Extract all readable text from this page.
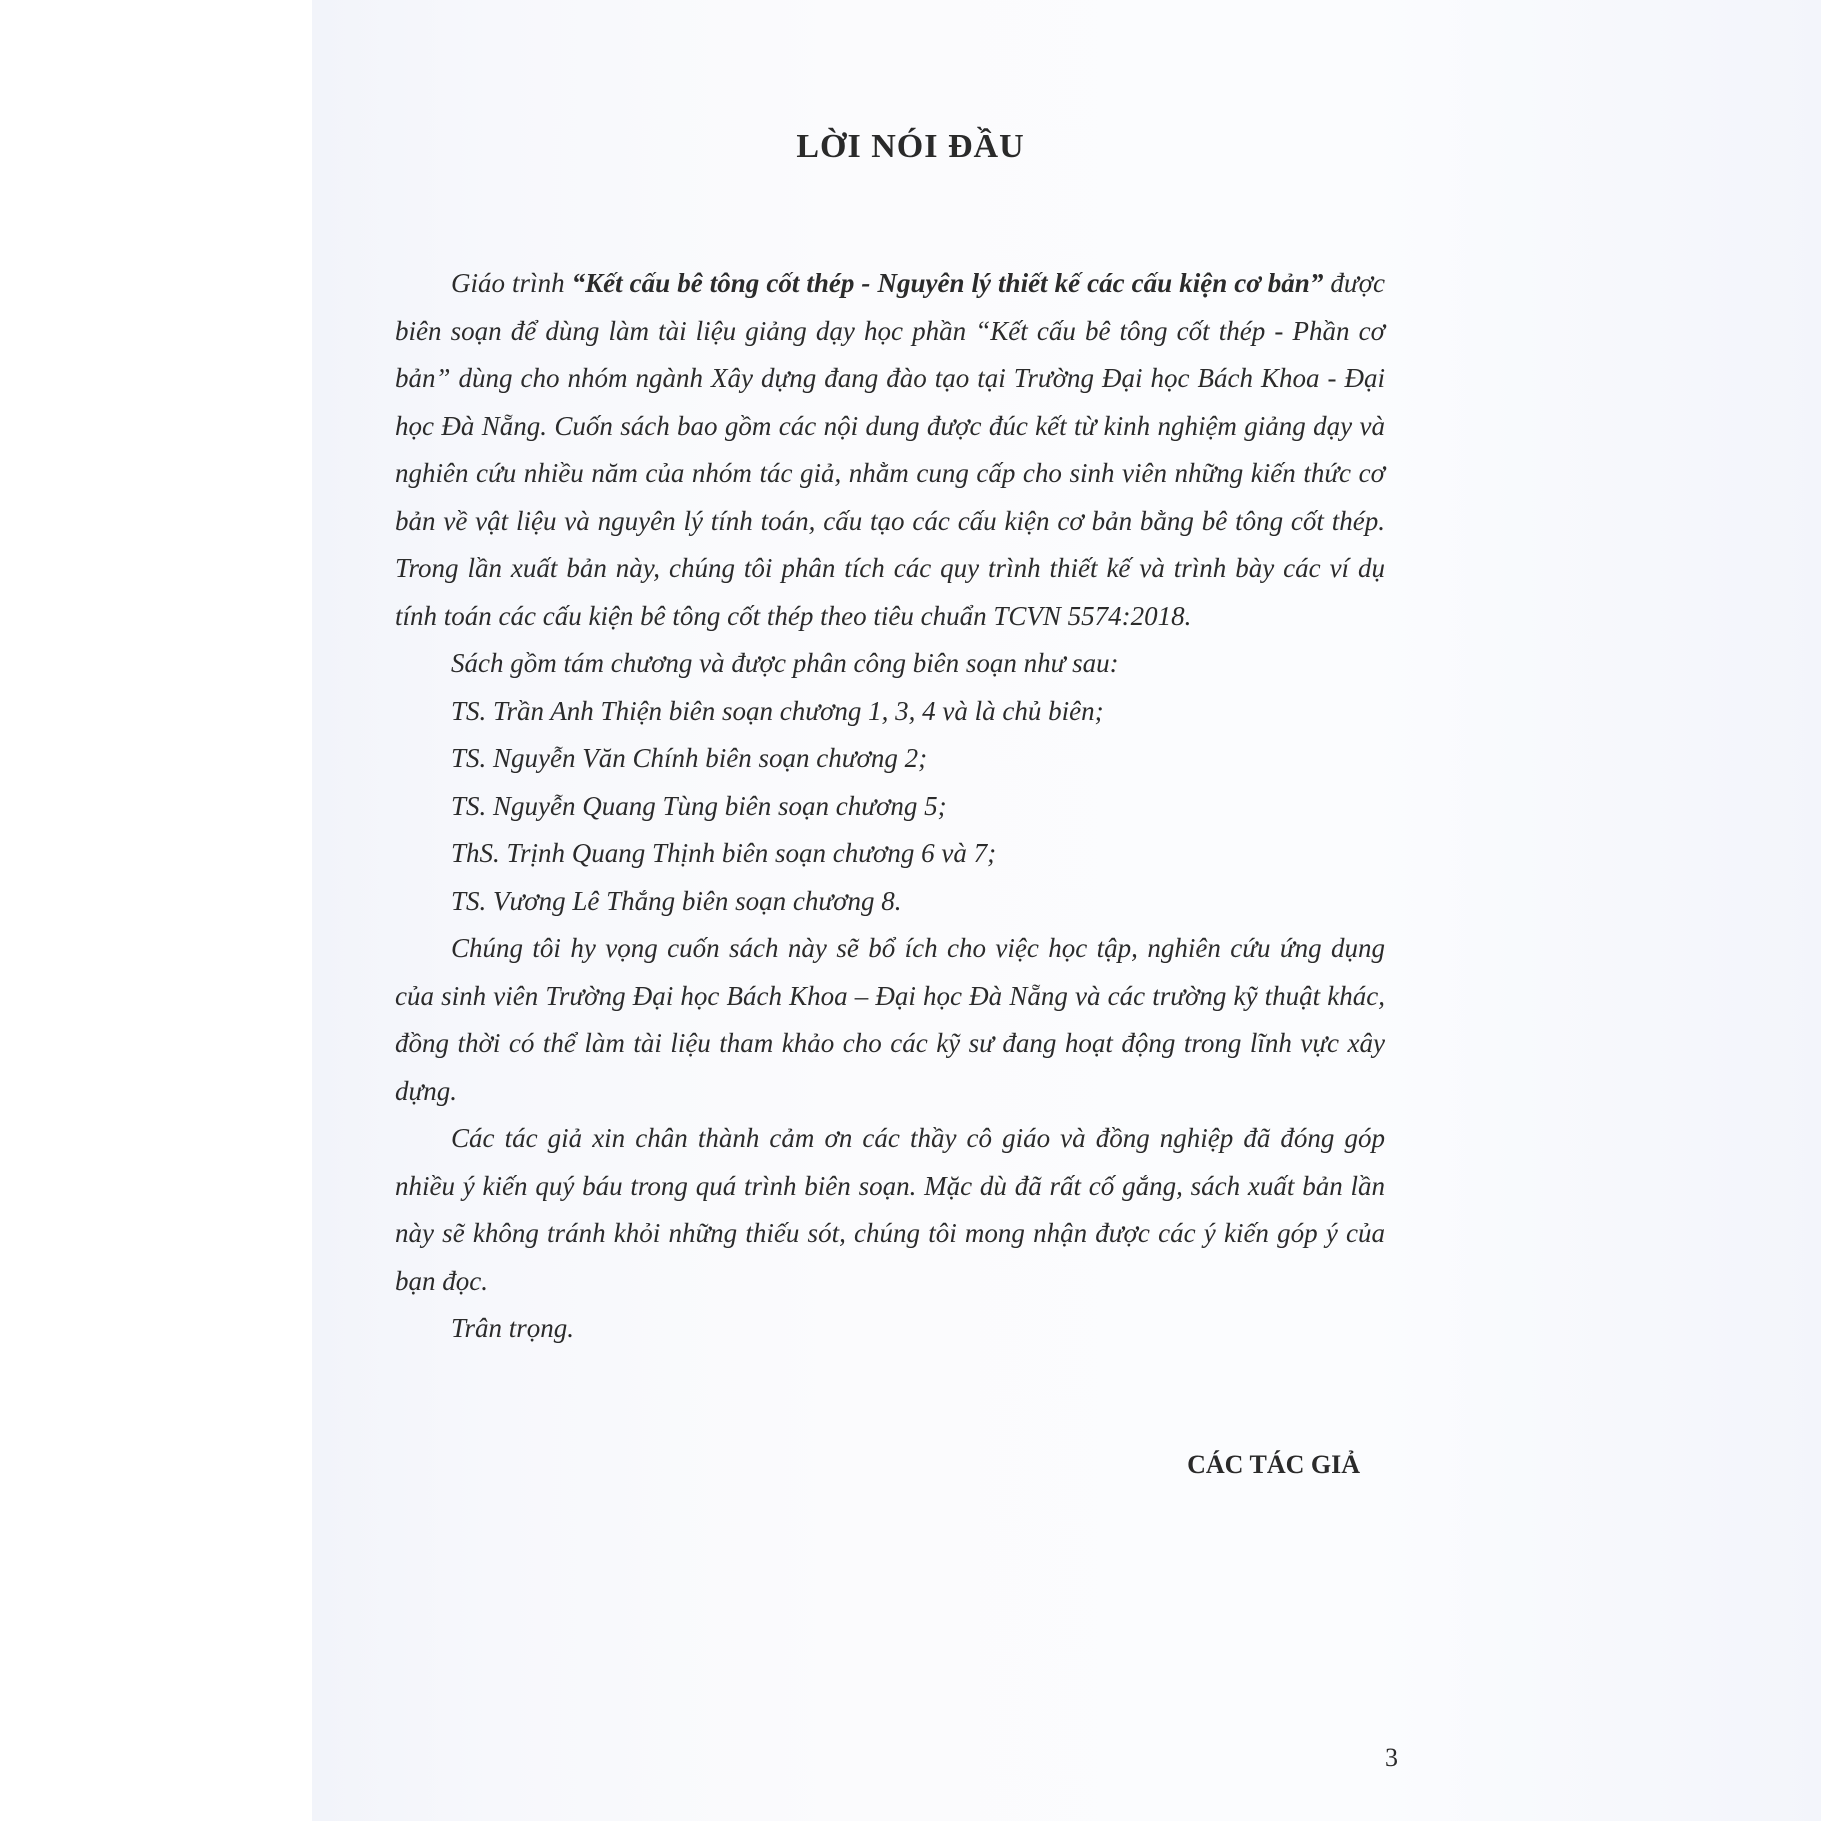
LỜI NÓI ĐẦU

Giáo trình “Kết cấu bê tông cốt thép - Nguyên lý thiết kế các cấu kiện cơ bản” được biên soạn để dùng làm tài liệu giảng dạy học phần “Kết cấu bê tông cốt thép - Phần cơ bản” dùng cho nhóm ngành Xây dựng đang đào tạo tại Trường Đại học Bách Khoa - Đại học Đà Nẵng. Cuốn sách bao gồm các nội dung được đúc kết từ kinh nghiệm giảng dạy và nghiên cứu nhiều năm của nhóm tác giả, nhằm cung cấp cho sinh viên những kiến thức cơ bản về vật liệu và nguyên lý tính toán, cấu tạo các cấu kiện cơ bản bằng bê tông cốt thép. Trong lần xuất bản này, chúng tôi phân tích các quy trình thiết kế và trình bày các ví dụ tính toán các cấu kiện bê tông cốt thép theo tiêu chuẩn TCVN 5574:2018.

Sách gồm tám chương và được phân công biên soạn như sau:

TS. Trần Anh Thiện biên soạn chương 1, 3, 4 và là chủ biên;

TS. Nguyễn Văn Chính biên soạn chương 2;

TS. Nguyễn Quang Tùng biên soạn chương 5;

ThS. Trịnh Quang Thịnh biên soạn chương 6 và 7;

TS. Vương Lê Thắng biên soạn chương 8.

Chúng tôi hy vọng cuốn sách này sẽ bổ ích cho việc học tập, nghiên cứu ứng dụng của sinh viên Trường Đại học Bách Khoa – Đại học Đà Nẵng và các trường kỹ thuật khác, đồng thời có thể làm tài liệu tham khảo cho các kỹ sư đang hoạt động trong lĩnh vực xây dựng.

Các tác giả xin chân thành cảm ơn các thầy cô giáo và đồng nghiệp đã đóng góp nhiều ý kiến quý báu trong quá trình biên soạn. Mặc dù đã rất cố gắng, sách xuất bản lần này sẽ không tránh khỏi những thiếu sót, chúng tôi mong nhận được các ý kiến góp ý của bạn đọc.

Trân trọng.

CÁC TÁC GIẢ
3
